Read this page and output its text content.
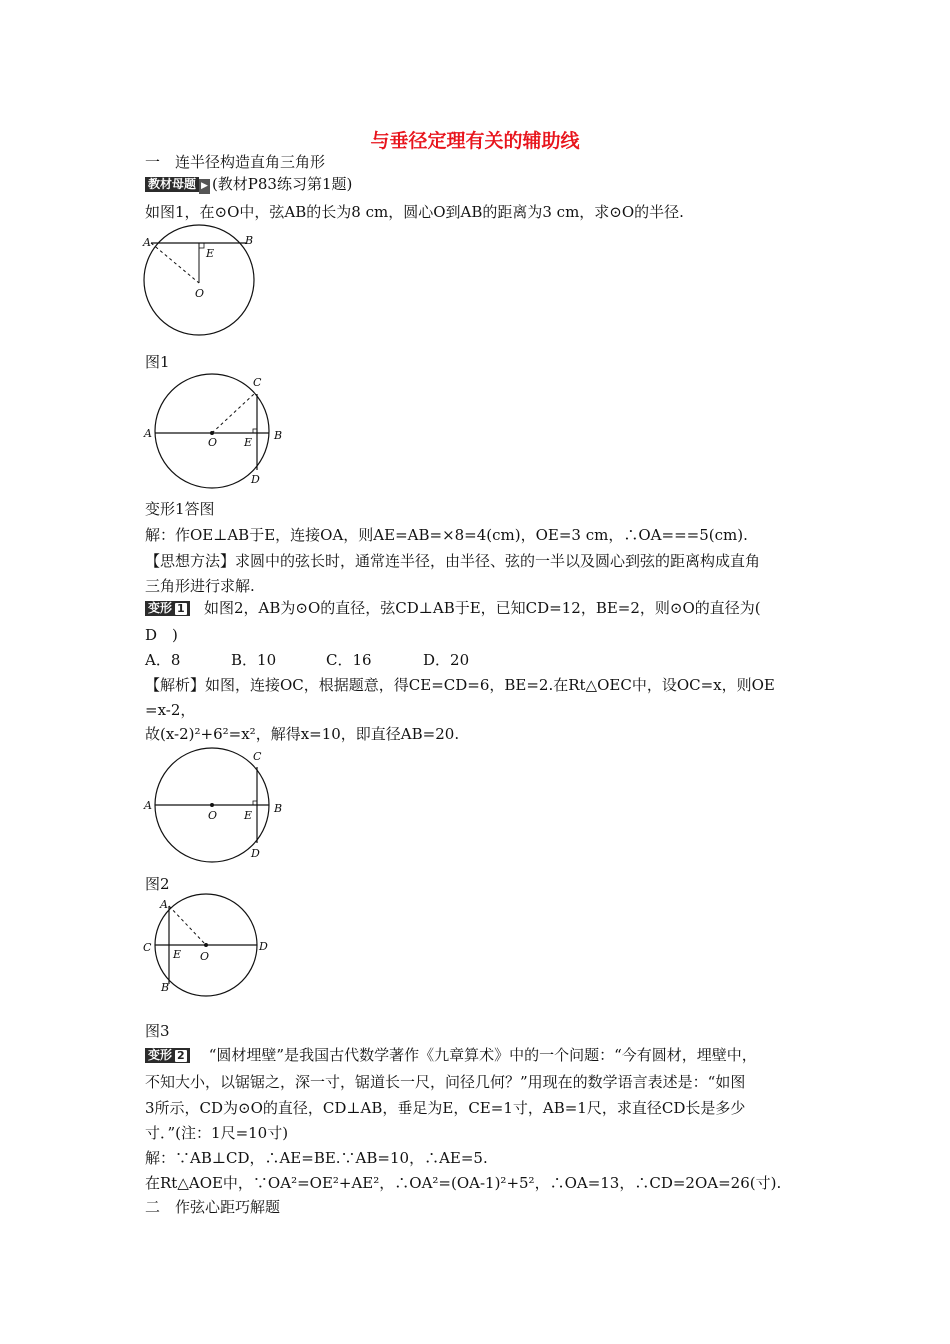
与垂径定理有关的辅助线
一　连半径构造直角三角形
教材母题 ▶ (教材P83练习第1题)
如图1，在⊙O中，弦AB的长为8 cm，圆心O到AB的距离为3 cm，求⊙O的半径.
A	B
E
O
图1
A	B
C
D
E
O
变形1答图
解：作OE⊥AB于E，连接OA，则AE=AB=×8=4(cm)，OE=3 cm，∴OA===5(cm).
【思想方法】求圆中的弦长时，通常连半径，由半径、弦的一半以及圆心到弦的距离构成直角
三角形进行求解.
变形 1 如图2，AB为⊙O的直径，弦CD⊥AB于E，已知CD=12，BE=2，则⊙O的直径为(
D　)
A．8	B．10	C．16	D．20
【解析】如图，连接OC，根据题意，得CE=CD=6，BE=2.在Rt△OEC中，设OC=x，则OE
=x-2，
故(x-2)²+6²=x²，解得x=10，即直径AB=20.
A	B
C
D
E
O
图2
A
B
C	D
E O
图3
变形 2 “圆材埋壁”是我国古代数学著作《九章算术》中的一个问题：“今有圆材，埋壁中，
不知大小，以锯锯之，深一寸，锯道长一尺，问径几何？”用现在的数学语言表述是：“如图
3所示，CD为⊙O的直径，CD⊥AB，垂足为E，CE=1寸，AB=1尺，求直径CD长是多少
寸．”(注：1尺=10寸)
解：∵AB⊥CD，∴AE=BE.∵AB=10，∴AE=5.
在Rt△AOE中，∵OA²=OE²+AE²，∴OA²=(OA-1)²+5²，∴OA=13，∴CD=2OA=26(寸).
二　作弦心距巧解题
